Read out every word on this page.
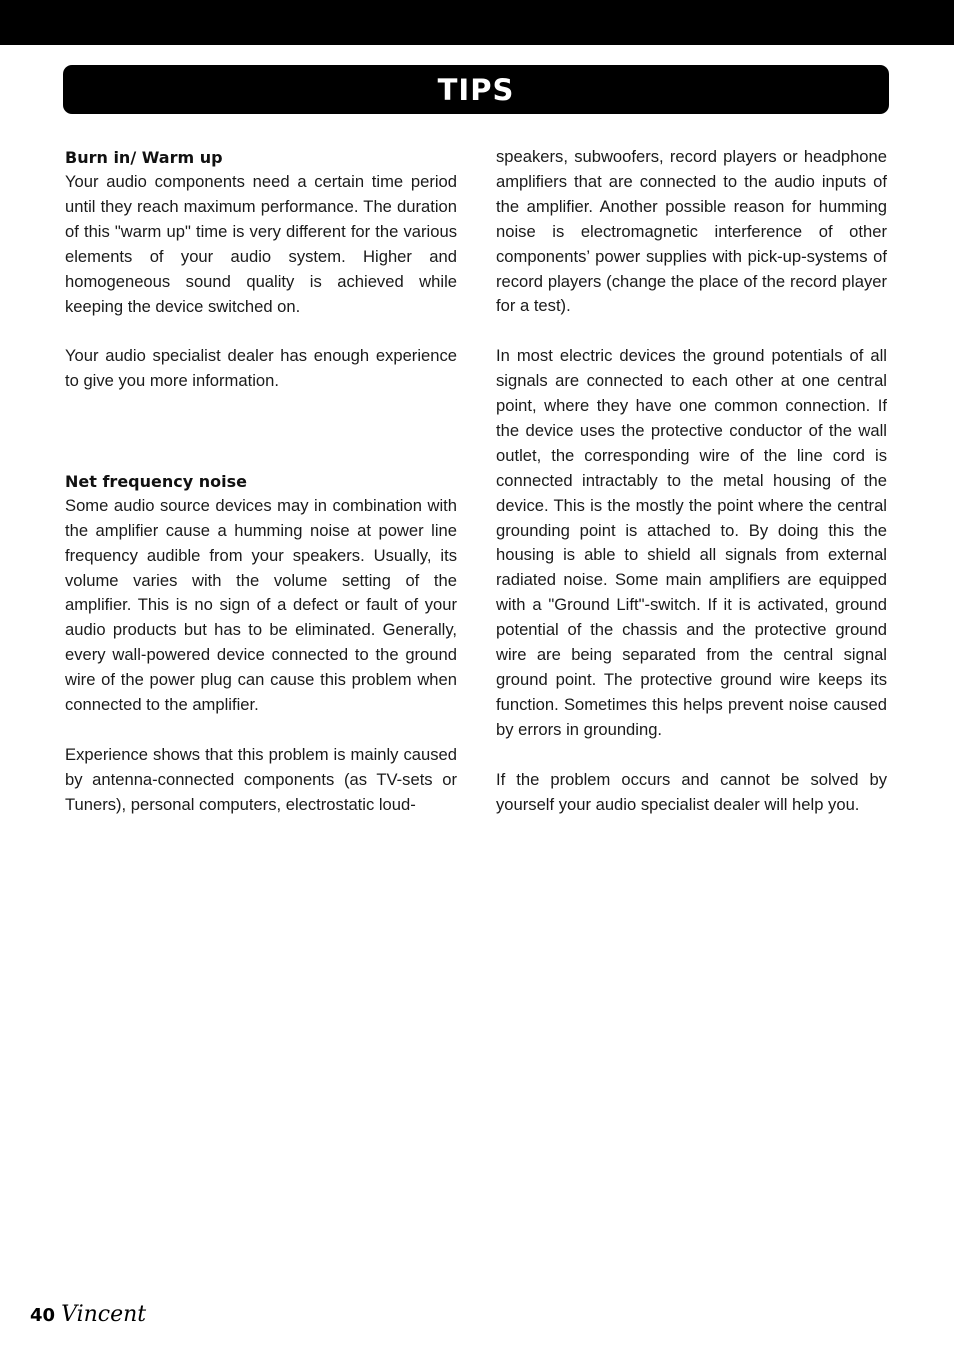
TIPS
Burn in/ Warm up

Your audio components need a certain time period until they reach maximum performance. The duration of this "warm up" time is very different for the various elements of your audio system. Higher and homogeneous sound quality is achieved while keeping the device switched on.

Your audio specialist dealer has enough experience to give you more information.

Net frequency noise

Some audio source devices may in combination with the amplifier cause a humming noise at power line frequency audible from your speakers. Usually, its volume varies with the volume setting of the amplifier. This is no sign of a defect or fault of your audio products but has to be eliminated. Generally, every wall-powered device connected to the ground wire of the power plug can cause this problem when connected to the amplifier.

Experience shows that this problem is mainly caused by antenna-connected components (as TV-sets or Tuners), personal computers, electrostatic loud-

speakers, subwoofers, record players or headphone amplifiers that are connected to the audio inputs of the amplifier. Another possible reason for humming noise is electromagnetic interference of other components’ power supplies with pick-up-systems of record players (change the place of the record player for a test).

In most electric devices the ground potentials of all signals are connected to each other at one central point, where they have one common connection. If the device uses the protective conductor of the wall outlet, the corresponding wire of the line cord is connected intractably to the metal housing of the device. This is the mostly the point where the central grounding point is attached to. By doing this the housing is able to shield all signals from external radiated noise. Some main amplifiers are equipped with a "Ground Lift"-switch. If it is activated, ground potential of the chassis and the protective ground wire are being separated from the central signal ground point. The protective ground wire keeps its function. Sometimes this helps prevent noise caused by errors in grounding.

If the problem occurs and cannot be solved by yourself your audio specialist dealer will help you.

40 Vincent
